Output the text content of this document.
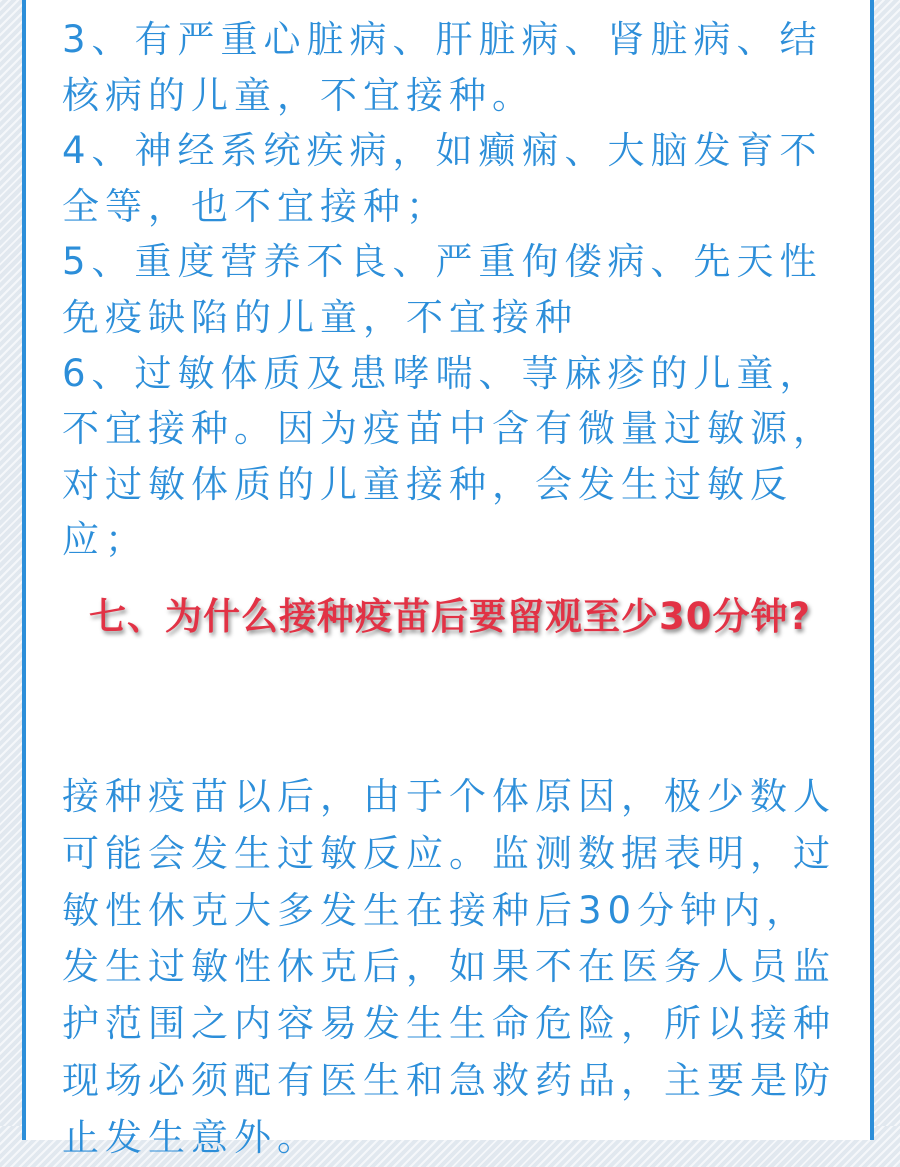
3、有严重心脏病、肝脏病、肾脏病、结核病的儿童，不宜接种。
4、神经系统疾病，如癫痫、大脑发育不全等，也不宜接种；
5、重度营养不良、严重佝偻病、先天性免疫缺陷的儿童，不宜接种
6、过敏体质及患哮喘、荨麻疹的儿童，不宜接种。因为疫苗中含有微量过敏源，对过敏体质的儿童接种，会发生过敏反应；
七、为什么接种疫苗后要留观至少30分钟?

接种疫苗以后，由于个体原因，极少数人可能会发生过敏反应。监测数据表明，过敏性休克大多发生在接种后30分钟内，发生过敏性休克后，如果不在医务人员监护范围之内容易发生生命危险，所以接种现场必须配有医生和急救药品，主要是防止发生意外。
